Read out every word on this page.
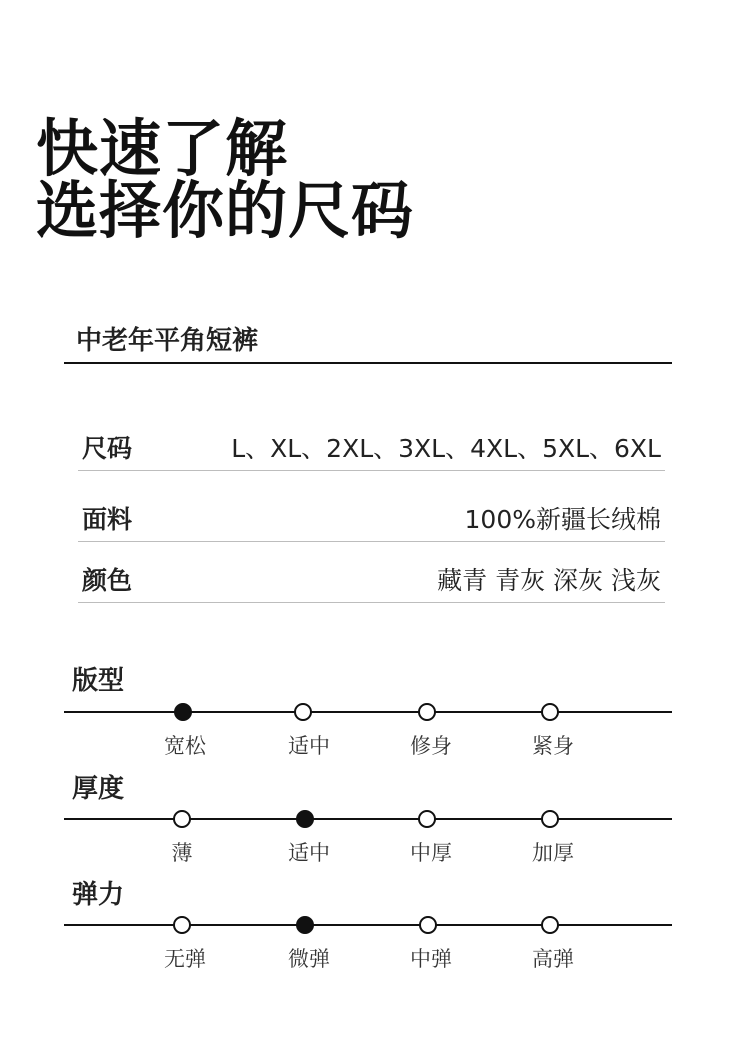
快速了解
选择你的尺码
中老年平角短裤
尺码	L、XL、2XL、3XL、4XL、5XL、6XL
面料	100%新疆长绒棉
颜色	藏青 青灰 深灰 浅灰
版型
宽松	适中	修身	紧身
厚度
薄	适中	中厚	加厚
弹力
无弹	微弹	中弹	高弹
